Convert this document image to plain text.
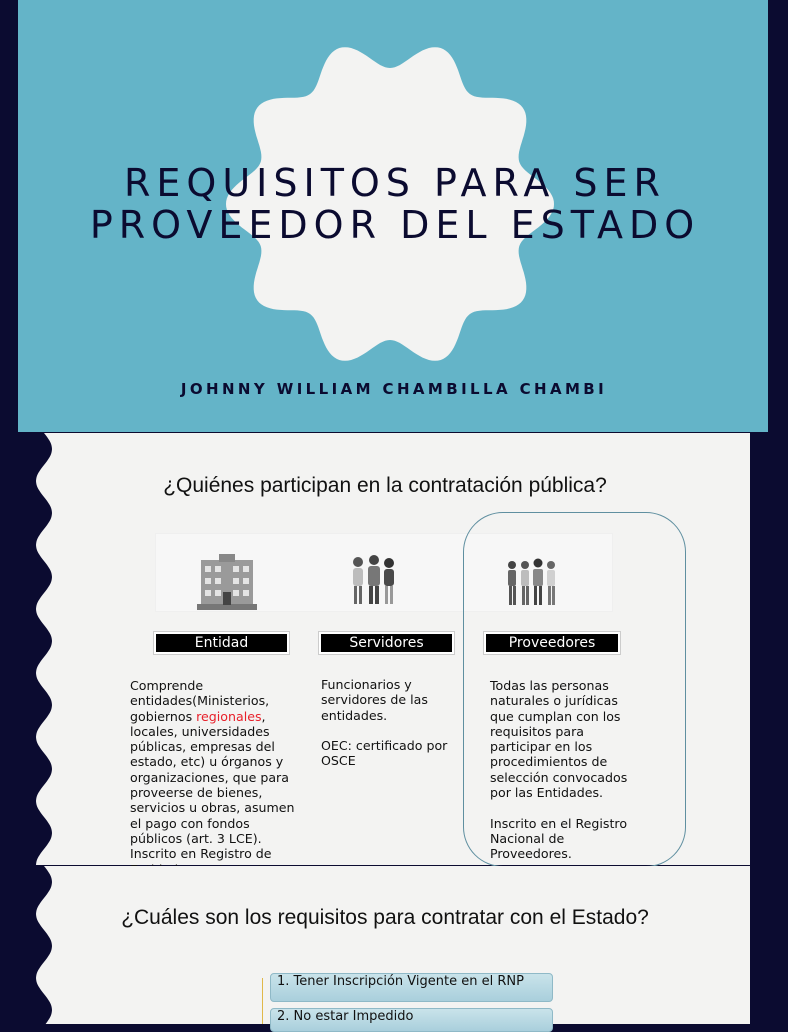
REQUISITOS PARA SER
PROVEEDOR DEL ESTADO
JOHNNY WILLIAM CHAMBILLA CHAMBI
¿Quiénes participan en la contratación pública?
Entidad	Servidores	Proveedores

Comprende entidades(Ministerios, gobiernos regionales, locales, universidades públicas, empresas del estado, etc) u órganos y organizaciones, que para proveerse de bienes, servicios u obras, asumen el pago con fondos públicos (art. 3 LCE).

Inscrito en Registro de

Funcionarios y servidores de las entidades.

OEC: certificado por OSCE

Todas las personas naturales o jurídicas que cumplan con los requisitos para participar en los procedimientos de selección convocados por las Entidades.

Inscrito en el Registro Nacional de Proveedores.

¿Cuáles son los requisitos para contratar con el Estado?
1. Tener Inscripción Vigente en el RNP
2. No estar Impedido
